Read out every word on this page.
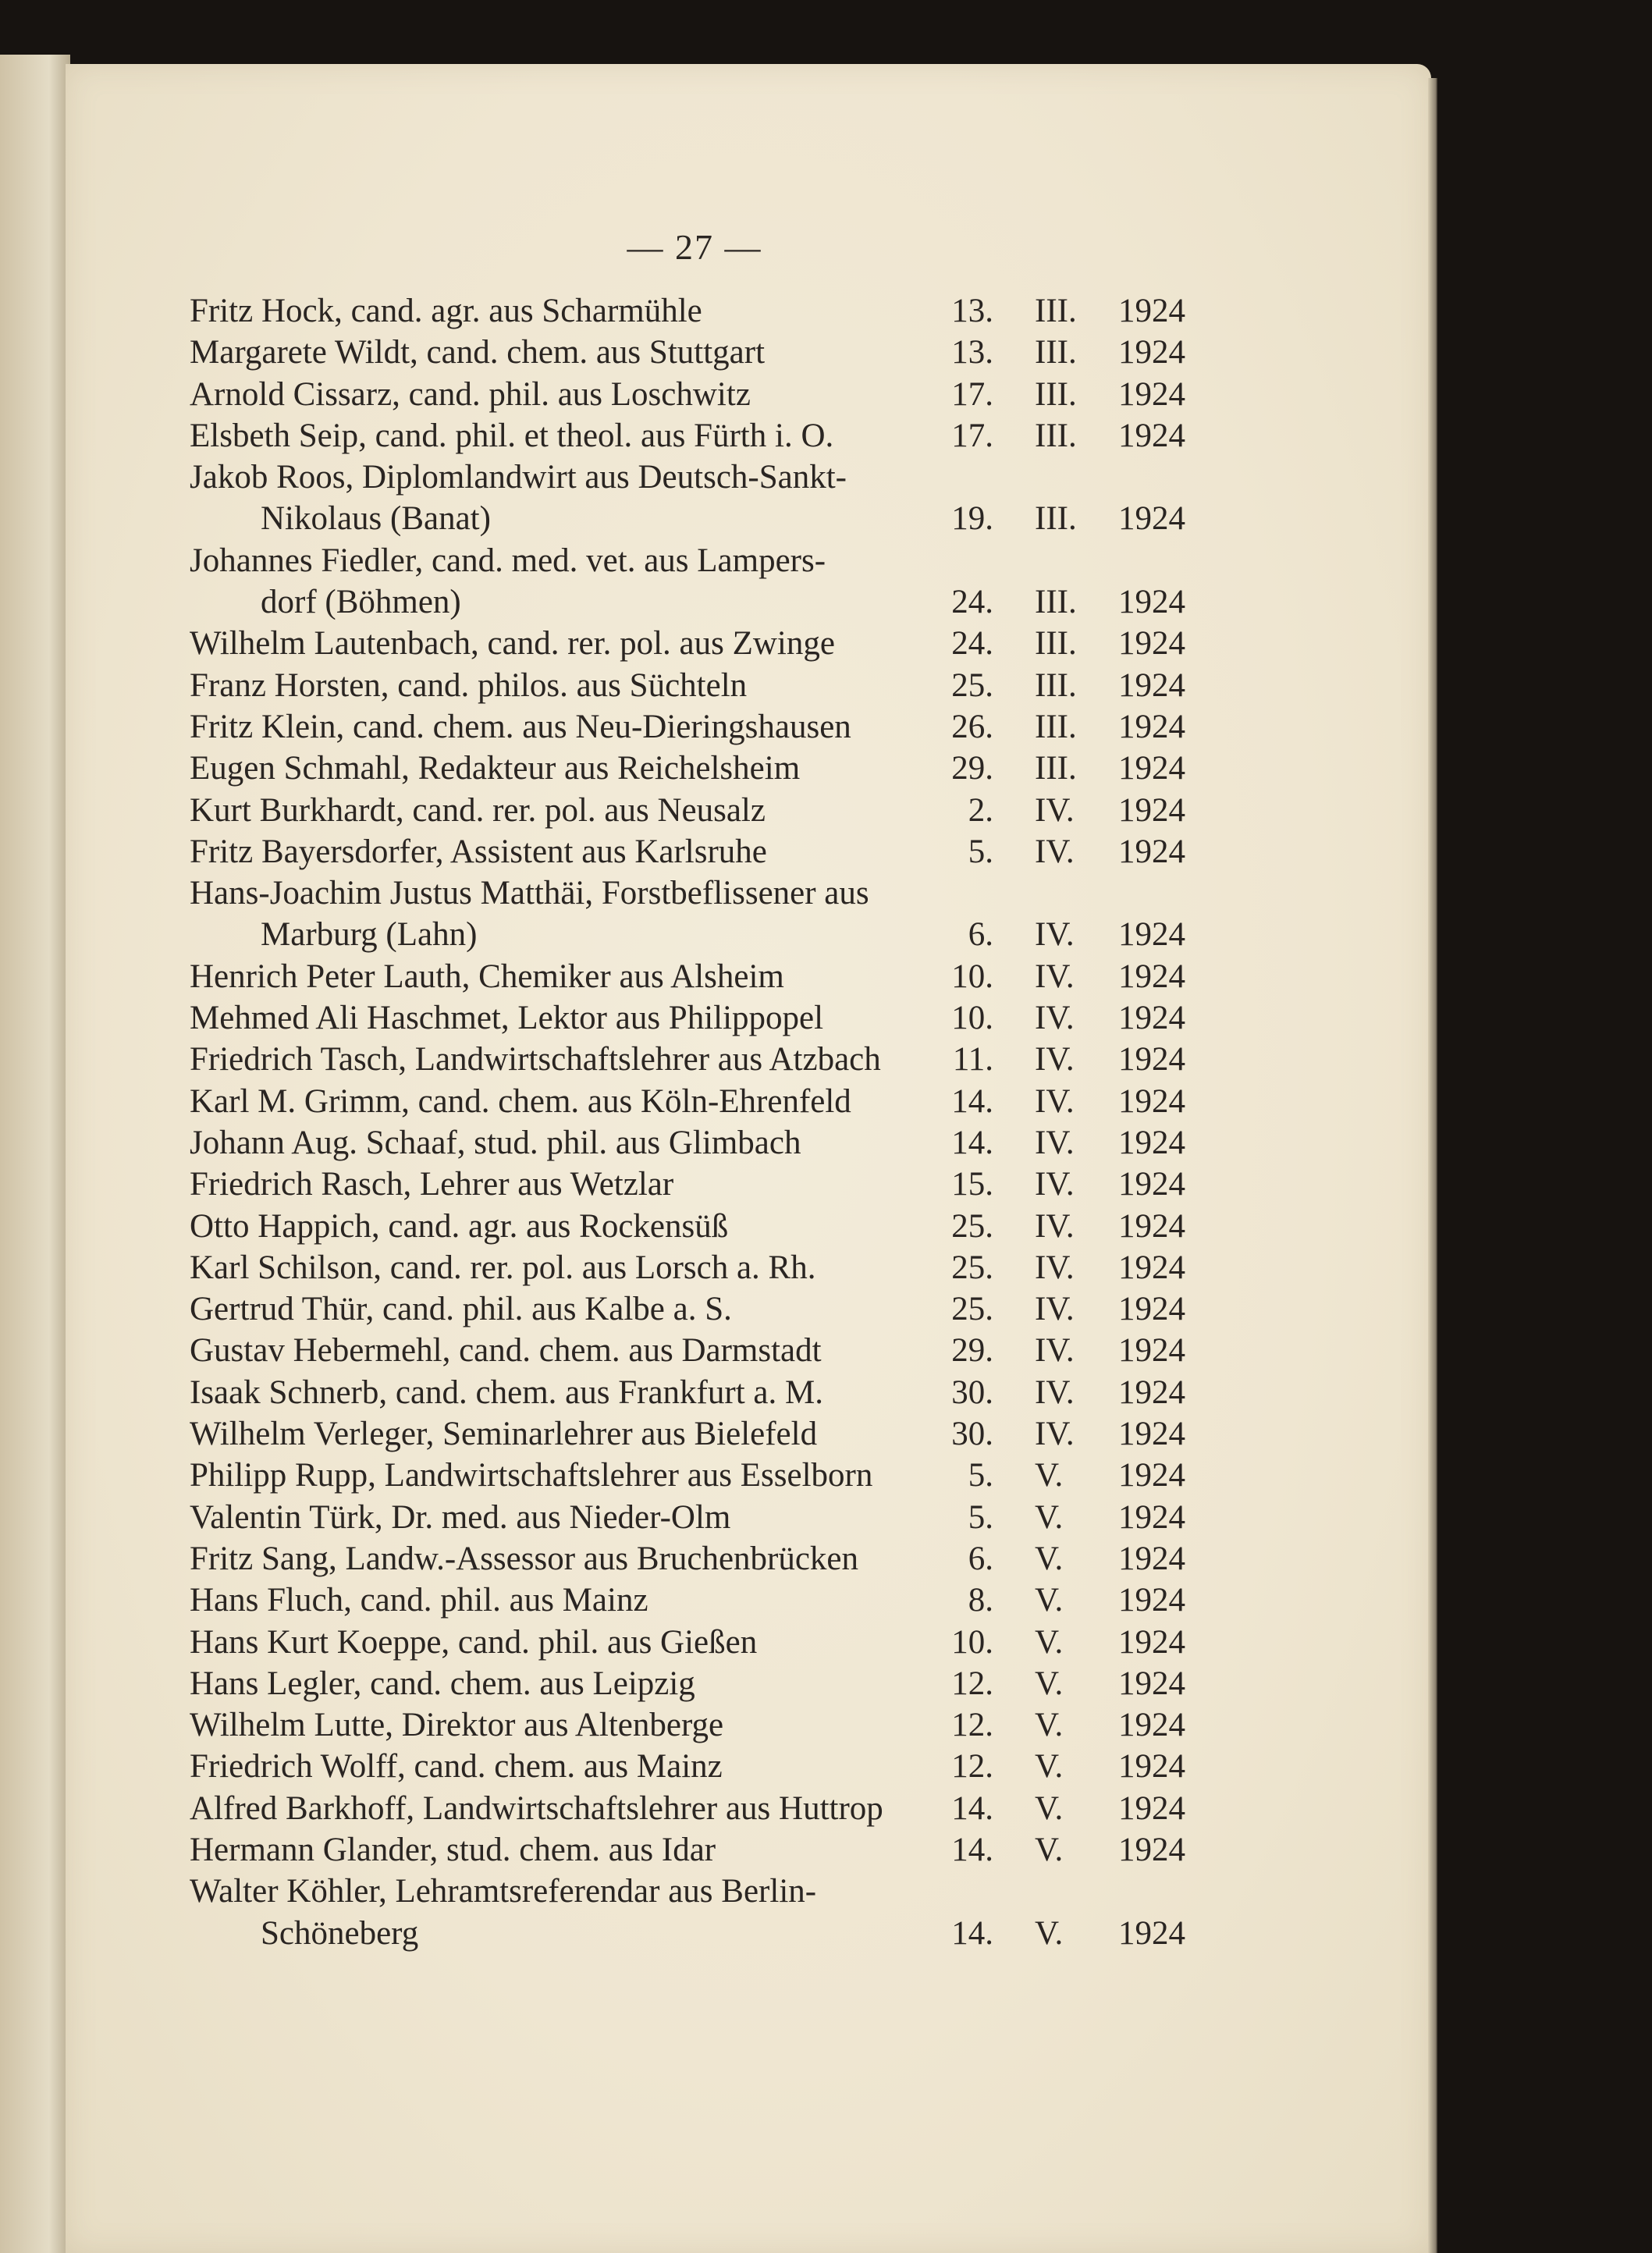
— 27 —
Fritz Hock, cand. agr. aus Scharmühle	13. III. 1924
Margarete Wildt, cand. chem. aus Stuttgart	13. III. 1924
Arnold Cissarz, cand. phil. aus Loschwitz	17. III. 1924
Elsbeth Seip, cand. phil. et theol. aus Fürth i. O.	17. III. 1924
Jakob Roos, Diplomlandwirt aus Deutsch-Sankt-
Nikolaus (Banat)	19. III. 1924
Johannes Fiedler, cand. med. vet. aus Lampers-
dorf (Böhmen)	24. III. 1924
Wilhelm Lautenbach, cand. rer. pol. aus Zwinge	24. III. 1924
Franz Horsten, cand. philos. aus Süchteln	25. III. 1924
Fritz Klein, cand. chem. aus Neu-Dieringshausen	26. III. 1924
Eugen Schmahl, Redakteur aus Reichelsheim	29. III. 1924
Kurt Burkhardt, cand. rer. pol. aus Neusalz	2. IV. 1924
Fritz Bayersdorfer, Assistent aus Karlsruhe	5. IV. 1924
Hans-Joachim Justus Matthäi, Forstbeflissener aus
Marburg (Lahn)	6. IV. 1924
Henrich Peter Lauth, Chemiker aus Alsheim	10. IV. 1924
Mehmed Ali Haschmet, Lektor aus Philippopel	10. IV. 1924
Friedrich Tasch, Landwirtschaftslehrer aus Atzbach	11. IV. 1924
Karl M. Grimm, cand. chem. aus Köln-Ehrenfeld	14. IV. 1924
Johann Aug. Schaaf, stud. phil. aus Glimbach	14. IV. 1924
Friedrich Rasch, Lehrer aus Wetzlar	15. IV. 1924
Otto Happich, cand. agr. aus Rockensüß	25. IV. 1924
Karl Schilson, cand. rer. pol. aus Lorsch a. Rh.	25. IV. 1924
Gertrud Thür, cand. phil. aus Kalbe a. S.	25. IV. 1924
Gustav Hebermehl, cand. chem. aus Darmstadt	29. IV. 1924
Isaak Schnerb, cand. chem. aus Frankfurt a. M.	30. IV. 1924
Wilhelm Verleger, Seminarlehrer aus Bielefeld	30. IV. 1924
Philipp Rupp, Landwirtschaftslehrer aus Esselborn	5. V. 1924
Valentin Türk, Dr. med. aus Nieder-Olm	5. V. 1924
Fritz Sang, Landw.-Assessor aus Bruchenbrücken	6. V. 1924
Hans Fluch, cand. phil. aus Mainz	8. V. 1924
Hans Kurt Koeppe, cand. phil. aus Gießen	10. V. 1924
Hans Legler, cand. chem. aus Leipzig	12. V. 1924
Wilhelm Lutte, Direktor aus Altenberge	12. V. 1924
Friedrich Wolff, cand. chem. aus Mainz	12. V. 1924
Alfred Barkhoff, Landwirtschaftslehrer aus Huttrop	14. V. 1924
Hermann Glander, stud. chem. aus Idar	14. V. 1924
Walter Köhler, Lehramtsreferendar aus Berlin-
Schöneberg	14. V. 1924
